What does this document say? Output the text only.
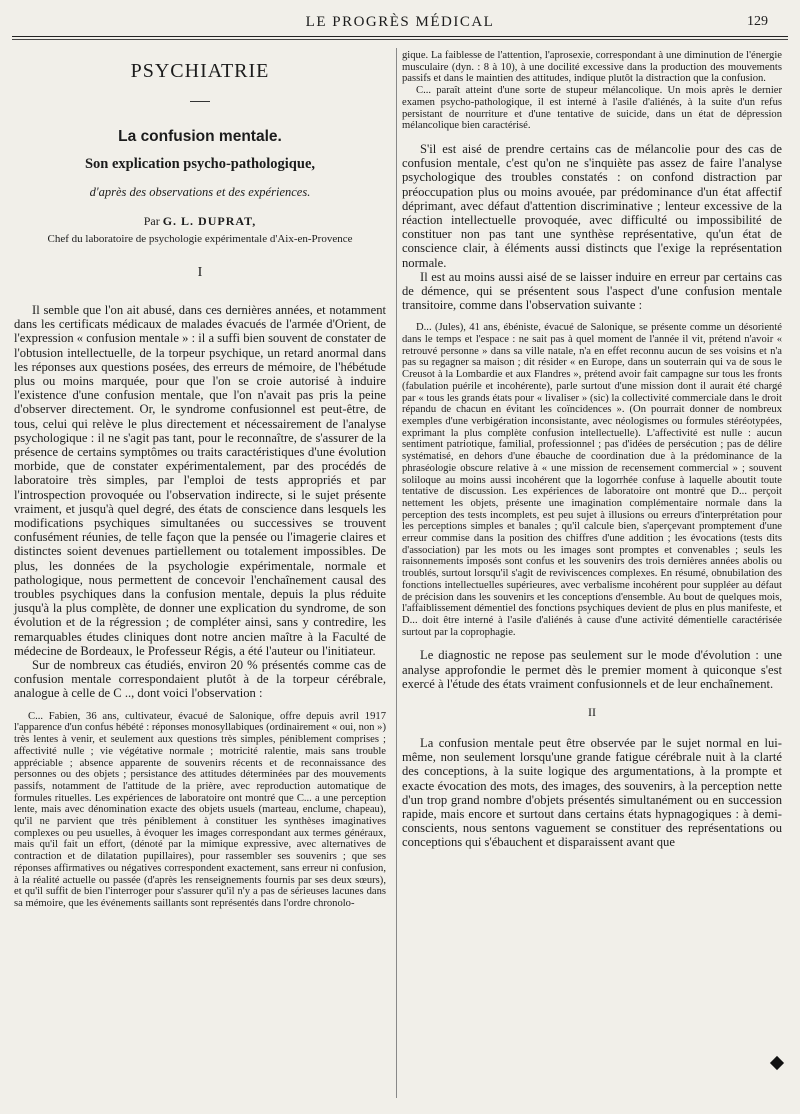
LE PROGRÈS MÉDICAL	129
PSYCHIATRIE
La confusion mentale.
Son explication psycho-pathologique,
d'après des observations et des expériences.
Par G. L. DUPRAT,
Chef du laboratoire de psychologie expérimentale d'Aix-en-Provence
I

Il semble que l'on ait abusé, dans ces dernières années, et notamment dans les certificats médicaux de malades évacués de l'armée d'Orient, de l'expression « confusion mentale » : il a suffi bien souvent de constater de l'obtusion intellectuelle, de la torpeur psychique, un retard anormal dans les réponses aux questions posées, des erreurs de mémoire, de l'hébétude plus ou moins marquée, pour que l'on se croie autorisé à induire l'existence d'une confusion mentale, que l'on n'avait pas pris la peine d'observer directement. Or, le syndrome confusionnel est peut-être, de tous, celui qui relève le plus directement et nécessairement de l'analyse psychologique : il ne s'agit pas tant, pour le reconnaître, de s'assurer de la présence de certains symptômes ou traits caractéristiques d'une évolution morbide, que de constater expérimentalement, par des procédés de laboratoire très simples, par l'emploi de tests appropriés et par l'introspection provoquée ou l'observation indirecte, si le sujet présente vraiment, et jusqu'à quel degré, des états de conscience dans lesquels les modifications psychiques simultanées ou successives se trouvent confusément réunies, de telle façon que la pensée ou l'imagerie claires et distinctes soient devenues partiellement ou totalement impossibles. De plus, les données de la psychologie expérimentale, normale et pathologique, nous permettent de concevoir l'enchaînement causal des troubles psychiques dans la confusion mentale, depuis la plus réduite jusqu'à la plus complète, de donner une explication du syndrome, de son évolution et de la régression ; de compléter ainsi, sans y contredire, les remarquables études cliniques dont notre ancien maître à la Faculté de médecine de Bordeaux, le Professeur Régis, a été l'auteur ou l'initiateur.

Sur de nombreux cas étudiés, environ 20 % présentés comme cas de confusion mentale correspondaient plutôt à de la torpeur cérébrale, analogue à celle de C .., dont voici l'observation :

C... Fabien, 36 ans, cultivateur, évacué de Salonique, offre depuis avril 1917 l'apparence d'un confus hébété : réponses monosyllabiques (ordinairement « oui, non ») très lentes à venir, et seulement aux questions très simples, péniblement comprises ; affectivité nulle ; vie végétative normale ; motricité ralentie, mais sans trouble appréciable ; absence apparente de souvenirs récents et de reconnaissance des personnes ou des objets ; persistance des attitudes déterminées par des mouvements passifs, notamment de l'attitude de la prière, avec reproduction automatique de formules rituelles. Les expériences de laboratoire ont montré que C... a une perception lente, mais avec dénomination exacte des objets usuels (marteau, enclume, chapeau), qu'il ne parvient que très péniblement à constituer les synthèses imaginatives complexes ou peu usuelles, à évoquer les images correspondant aux termes généraux, mais qu'il fait un effort, (dénoté par la mimique expressive, avec alternatives de contraction et de dilatation pupillaires), pour rassembler ses souvenirs ; que ses réponses affirmatives ou négatives correspondent exactement, sans erreur ni confusion, à la réalité actuelle ou passée (d'après les renseignements fournis par ses deux sœurs), et qu'il suffit de bien l'interroger pour s'assurer qu'il n'y a pas de sérieuses lacunes dans sa mémoire, que les événements saillants sont représentés dans l'ordre chronolo-

gique. La faiblesse de l'attention, l'aprosexie, correspondant à une diminution de l'énergie musculaire (dyn. : 8 à 10), à une docilité excessive dans la production des mouvements passifs et dans le maintien des attitudes, indique plutôt la distraction que la confusion.

C... paraît atteint d'une sorte de stupeur mélancolique. Un mois après le dernier examen psycho-pathologique, il est interné à l'asile d'aliénés, à la suite d'un refus persistant de nourriture et d'une tentative de suicide, dans un état de dépression mélancolique bien caractérisé.

S'il est aisé de prendre certains cas de mélancolie pour des cas de confusion mentale, c'est qu'on ne s'inquiète pas assez de faire l'analyse psychologique des troubles constatés : on confond distraction par préoccupation plus ou moins avouée, par prédominance d'un état affectif déprimant, avec défaut d'attention discriminative ; lenteur excessive de la réaction intellectuelle provoquée, avec difficulté ou impossibilité de constituer non pas tant une synthèse représentative, qu'un état de conscience clair, à éléments aussi distincts que l'exige la représentation normale.

Il est au moins aussi aisé de se laisser induire en erreur par certains cas de démence, qui se présentent sous l'aspect d'une confusion mentale transitoire, comme dans l'observation suivante :

D... (Jules), 41 ans, ébéniste, évacué de Salonique, se présente comme un désorienté dans le temps et l'espace : ne sait pas à quel moment de l'année il vit, prétend n'avoir « retrouvé personne » dans sa ville natale, n'a en effet reconnu aucun de ses voisins et n'a pas su regagner sa maison ; dit résider « en Europe, dans un souterrain qui va de sous le Creusot à la Lombardie et aux Flandres », prétend avoir fait campagne sur tous les fronts (fabulation puérile et incohérente), parle surtout d'une mission dont il aurait été chargé par « tous les grands états pour « livaliser » (sic) la collectivité commerciale dans le droit répandu de chacun en évitant les coïncidences ». (On pourrait donner de nombreux exemples d'une verbigération inconsistante, avec néologismes ou formules stéréotypées, exprimant la plus complète confusion intellectuelle). L'affectivité est nulle : aucun sentiment patriotique, familial, professionnel ; pas d'idées de persécution ; pas de délire systématisé, en dehors d'une ébauche de coordination due à la prédominance de la phraséologie obscure relative à « une mission de recensement commercial » ; souvent soliloque au moins aussi incohérent que la logorrhée confuse à laquelle aboutit toute tentative de discussion. Les expériences de laboratoire ont montré que D... perçoit nettement les objets, présente une imagination complémentaire normale dans la perception des tests incomplets, est peu sujet à illusions ou erreurs d'interprétation pour les perceptions simples et banales ; qu'il calcule bien, s'aperçevant promptement d'une erreur commise dans la position des chiffres d'une addition ; les évocations (tests dits d'association) par les mots ou les images sont promptes et convenables ; seuls les raisonnements imposés sont confus et les souvenirs des trois dernières années abolis ou troublés, surtout lorsqu'il s'agit de reviviscences complexes. En résumé, obnubilation des fonctions intellectuelles supérieures, avec verbalisme incohérent pour suppléer au défaut de précision dans les souvenirs et les conceptions d'ensemble. Au bout de quelques mois, l'affaiblissement démentiel des fonctions psychiques devient de plus en plus manifeste, et D... doit être interné à l'asile d'aliénés à cause d'une activité démentielle caractérisée surtout par la coprophagie.

Le diagnostic ne repose pas seulement sur le mode d'évolution : une analyse approfondie le permet dès le premier moment à quiconque s'est exercé à l'étude des états vraiment confusionnels et de leur enchaînement.

II

La confusion mentale peut être observée par le sujet normal en lui-même, non seulement lorsqu'une grande fatigue cérébrale nuit à la clarté des conceptions, à la suite logique des argumentations, à la prompte et exacte évocation des mots, des images, des souvenirs, à la perception nette d'un trop grand nombre d'objets présentés simultanément ou en succession rapide, mais encore et surtout dans certains états hypnagogiques : à demi-conscients, nous sentons vaguement se constituer des représentations ou conceptions qui s'ébauchent et disparaissent avant que
